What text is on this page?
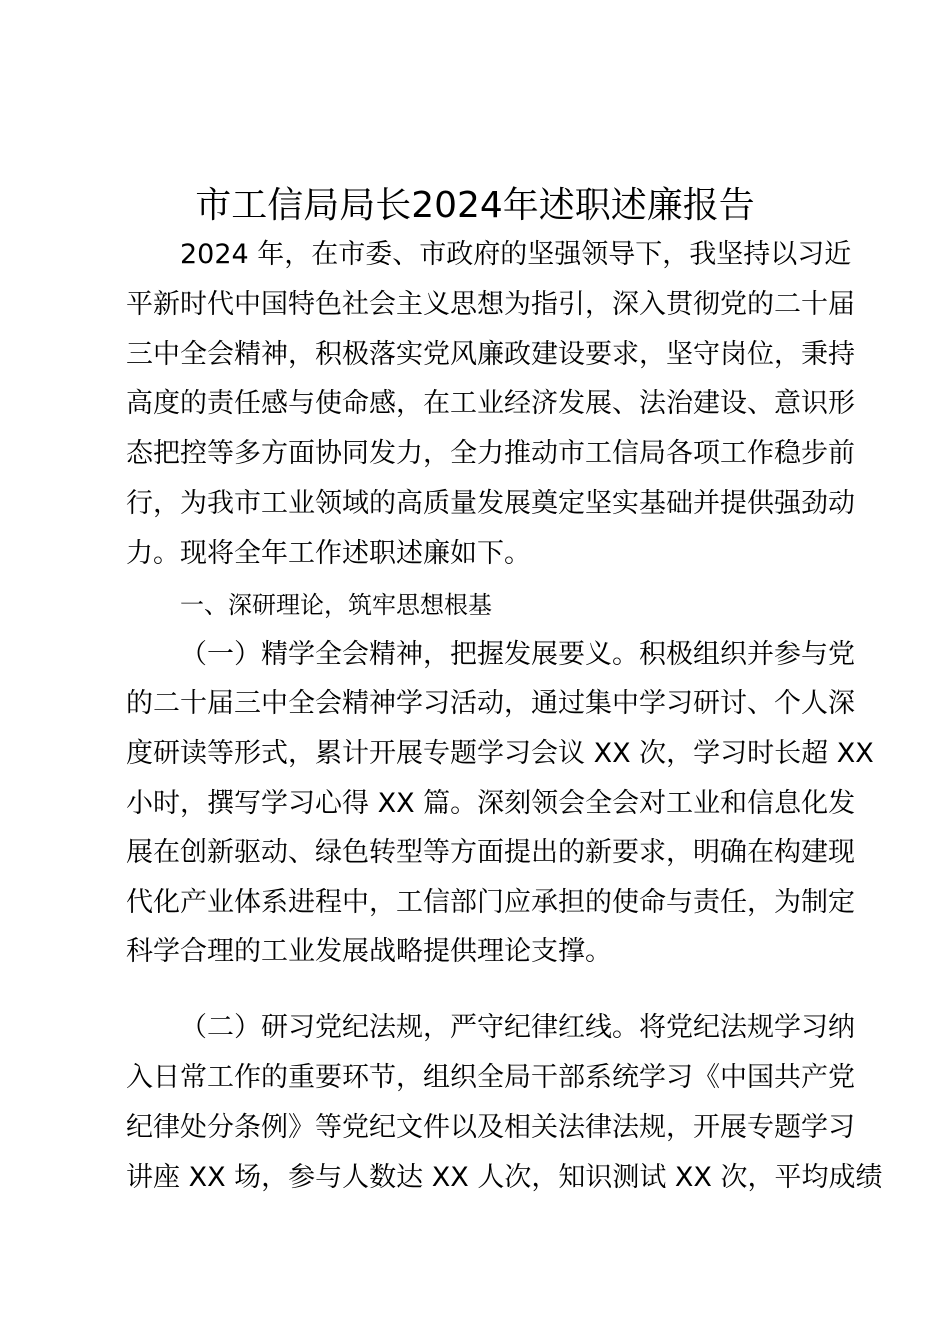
市工信局局长2024年述职述廉报告
2024 年，在市委、市政府的坚强领导下，我坚持以习近
平新时代中国特色社会主义思想为指引，深入贯彻党的二十届
三中全会精神，积极落实党风廉政建设要求，坚守岗位，秉持
高度的责任感与使命感，在工业经济发展、法治建设、意识形
态把控等多方面协同发力，全力推动市工信局各项工作稳步前
行，为我市工业领域的高质量发展奠定坚实基础并提供强劲动
力。现将全年工作述职述廉如下。
一、深研理论，筑牢思想根基
（一）精学全会精神，把握发展要义。积极组织并参与党
的二十届三中全会精神学习活动，通过集中学习研讨、个人深
度研读等形式，累计开展专题学习会议 XX 次，学习时长超 XX
小时，撰写学习心得 XX 篇。深刻领会全会对工业和信息化发
展在创新驱动、绿色转型等方面提出的新要求，明确在构建现
代化产业体系进程中，工信部门应承担的使命与责任，为制定
科学合理的工业发展战略提供理论支撑。
（二）研习党纪法规，严守纪律红线。将党纪法规学习纳
入日常工作的重要环节，组织全局干部系统学习《中国共产党
纪律处分条例》等党纪文件以及相关法律法规，开展专题学习
讲座 XX 场，参与人数达 XX 人次，知识测试 XX 次，平均成绩
